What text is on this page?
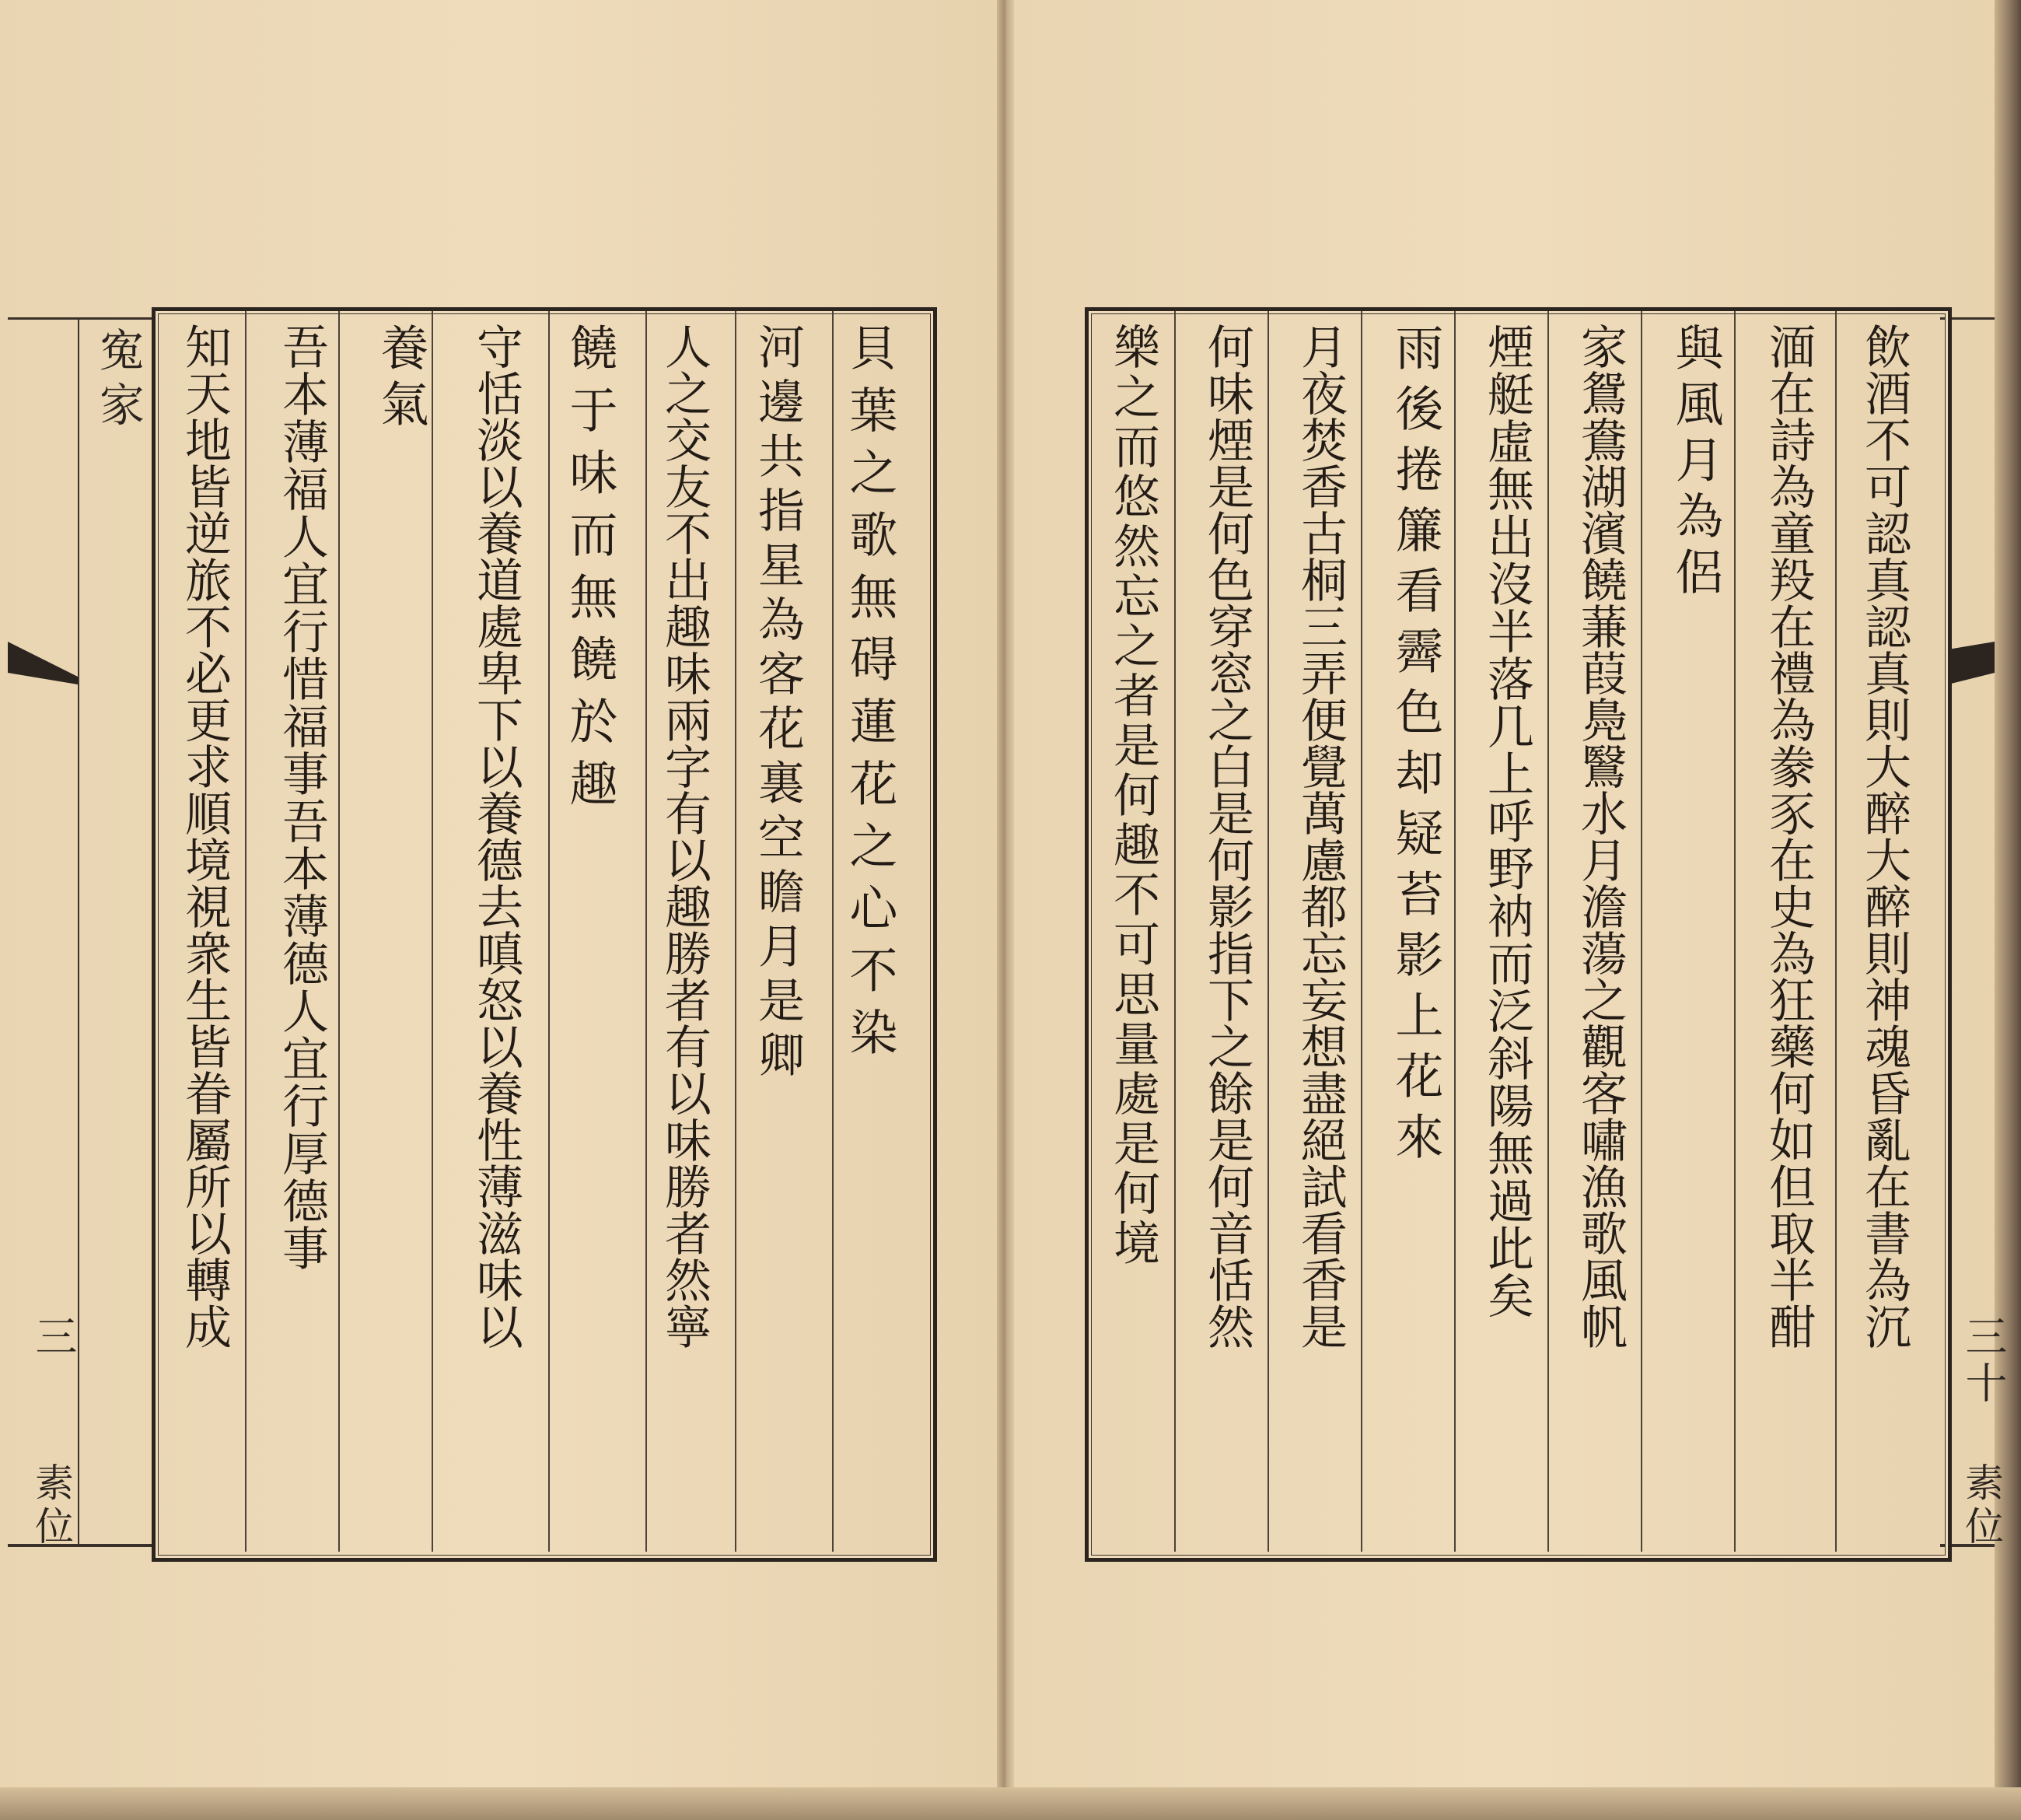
貝葉之歌無碍蓮花之心不染
河邊共指星為客花裏空瞻月是卿
人之交友不出趣味兩字有以趣勝者有以味勝者然寧
饒于味而無饒於趣
守恬淡以養道處卑下以養德去嗔怒以養性薄滋味以
養氣
吾本薄福人宜行惜福事吾本薄德人宜行厚德事
知天地皆逆旅不必更求順境視衆生皆眷屬所以轉成
寃家
三
素位
飲酒不可認真認真則大醉大醉則神魂昏亂在書為沉
湎在詩為童羖在禮為豢豕在史為狂藥何如但取半酣
與風月為侶
家鴛鴦湖濱饒蒹葭鳧鷖水月澹蕩之觀客嘯漁歌風帆
煙艇虛無出沒半落几上呼野衲而泛斜陽無過此矣
雨後捲簾看霽色却疑苔影上花來
月夜焚香古桐三弄便覺萬慮都忘妄想盡絕試看香是
何味煙是何色穿窓之白是何影指下之餘是何音恬然
樂之而悠然忘之者是何趣不可思量處是何境
三十
素位
